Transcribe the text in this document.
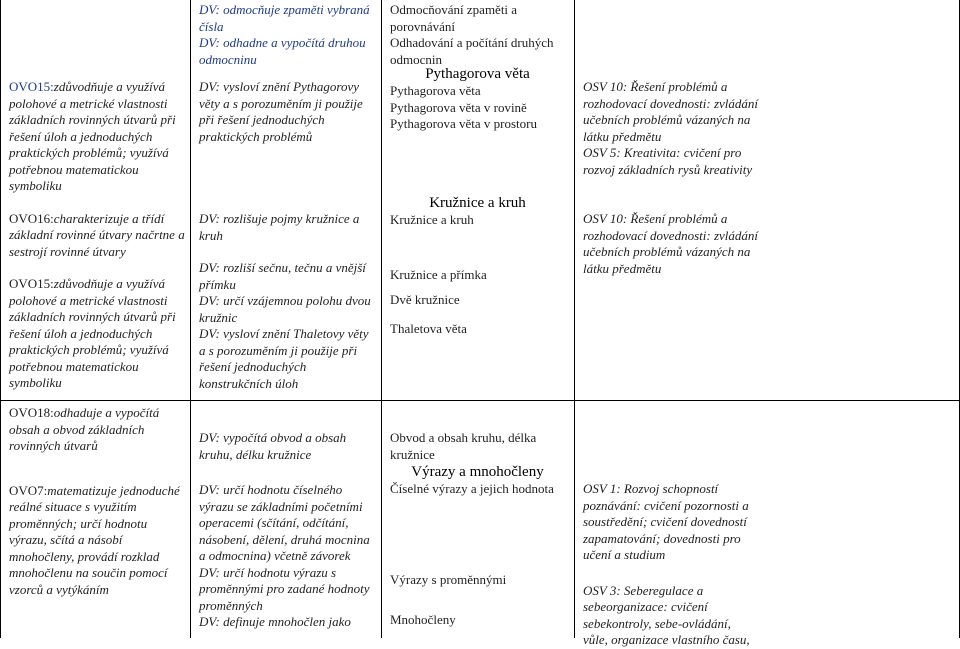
OVO15:zdůvodňuje a využívá polohové a metrické vlastnosti základních rovinných útvarů při řešení úloh a jednoduchých praktických problémů; využívá potřebnou matematickou symboliku

OVO16:charakterizuje a třídí základní rovinné útvary načrtne a sestrojí rovinné útvary

OVO15:zdůvodňuje a využívá polohové a metrické vlastnosti základních rovinných útvarů při řešení úloh a jednoduchých praktických problémů; využívá potřebnou matematickou symboliku

DV: odmocňuje zpaměti vybraná čísla

DV: odhadne a vypočítá druhou odmocninu

DV: vysloví znění Pythagorovy věty a s porozuměním ji použije při řešení jednoduchých praktických problémů

DV: rozlišuje pojmy kružnice a kruh

DV: rozliší sečnu, tečnu a vnější přímku

DV: určí vzájemnou polohu dvou kružnic

DV: vysloví znění Thaletovy věty a s porozuměním ji použije při řešení jednoduchých konstrukčních úloh

Odmocňování zpaměti a porovnávání

Odhadování a počítání druhých odmocnin

Pythagorova věta

Pythagorova věta

Pythagorova věta v rovině

Pythagorova věta v prostoru

Kružnice a kruh

Kružnice a kruh

Kružnice a přímka

Dvě kružnice

Thaletova věta

OSV 10: Řešení problémů a rozhodovací dovednosti: zvládání učebních problémů vázaných na látku předmětu

OSV 5: Kreativita: cvičení pro rozvoj základních rysů kreativity

OSV 10: Řešení problémů a rozhodovací dovednosti: zvládání učebních problémů vázaných na látku předmětu

OVO18:odhaduje a vypočítá obsah a obvod základních rovinných útvarů

OVO7:matematizuje jednoduché reálné situace s využitím proměnných; určí hodnotu výrazu, sčítá a násobí mnohočleny, provádí rozklad mnohočlenu na součin pomocí vzorců a vytýkáním

DV: vypočítá obvod a obsah kruhu, délku kružnice

DV: určí hodnotu číselného výrazu se základními početními operacemi (sčítání, odčítání, násobení, dělení, druhá mocnina a odmocnina) včetně závorek

DV: určí hodnotu výrazu s proměnnými pro zadané hodnoty proměnných

DV: definuje mnohočlen jako

Obvod a obsah kruhu, délka kružnice

Výrazy a mnohočleny

Číselné výrazy a jejich hodnota

Výrazy s proměnnými

Mnohočleny

OSV 1: Rozvoj schopností poznávání: cvičení pozornosti a soustředění; cvičení dovedností zapamatování; dovednosti pro učení a studium

OSV 3: Seberegulace a sebeorganizace: cvičení sebekontroly, sebe-ovládání, vůle, organizace vlastního času,
